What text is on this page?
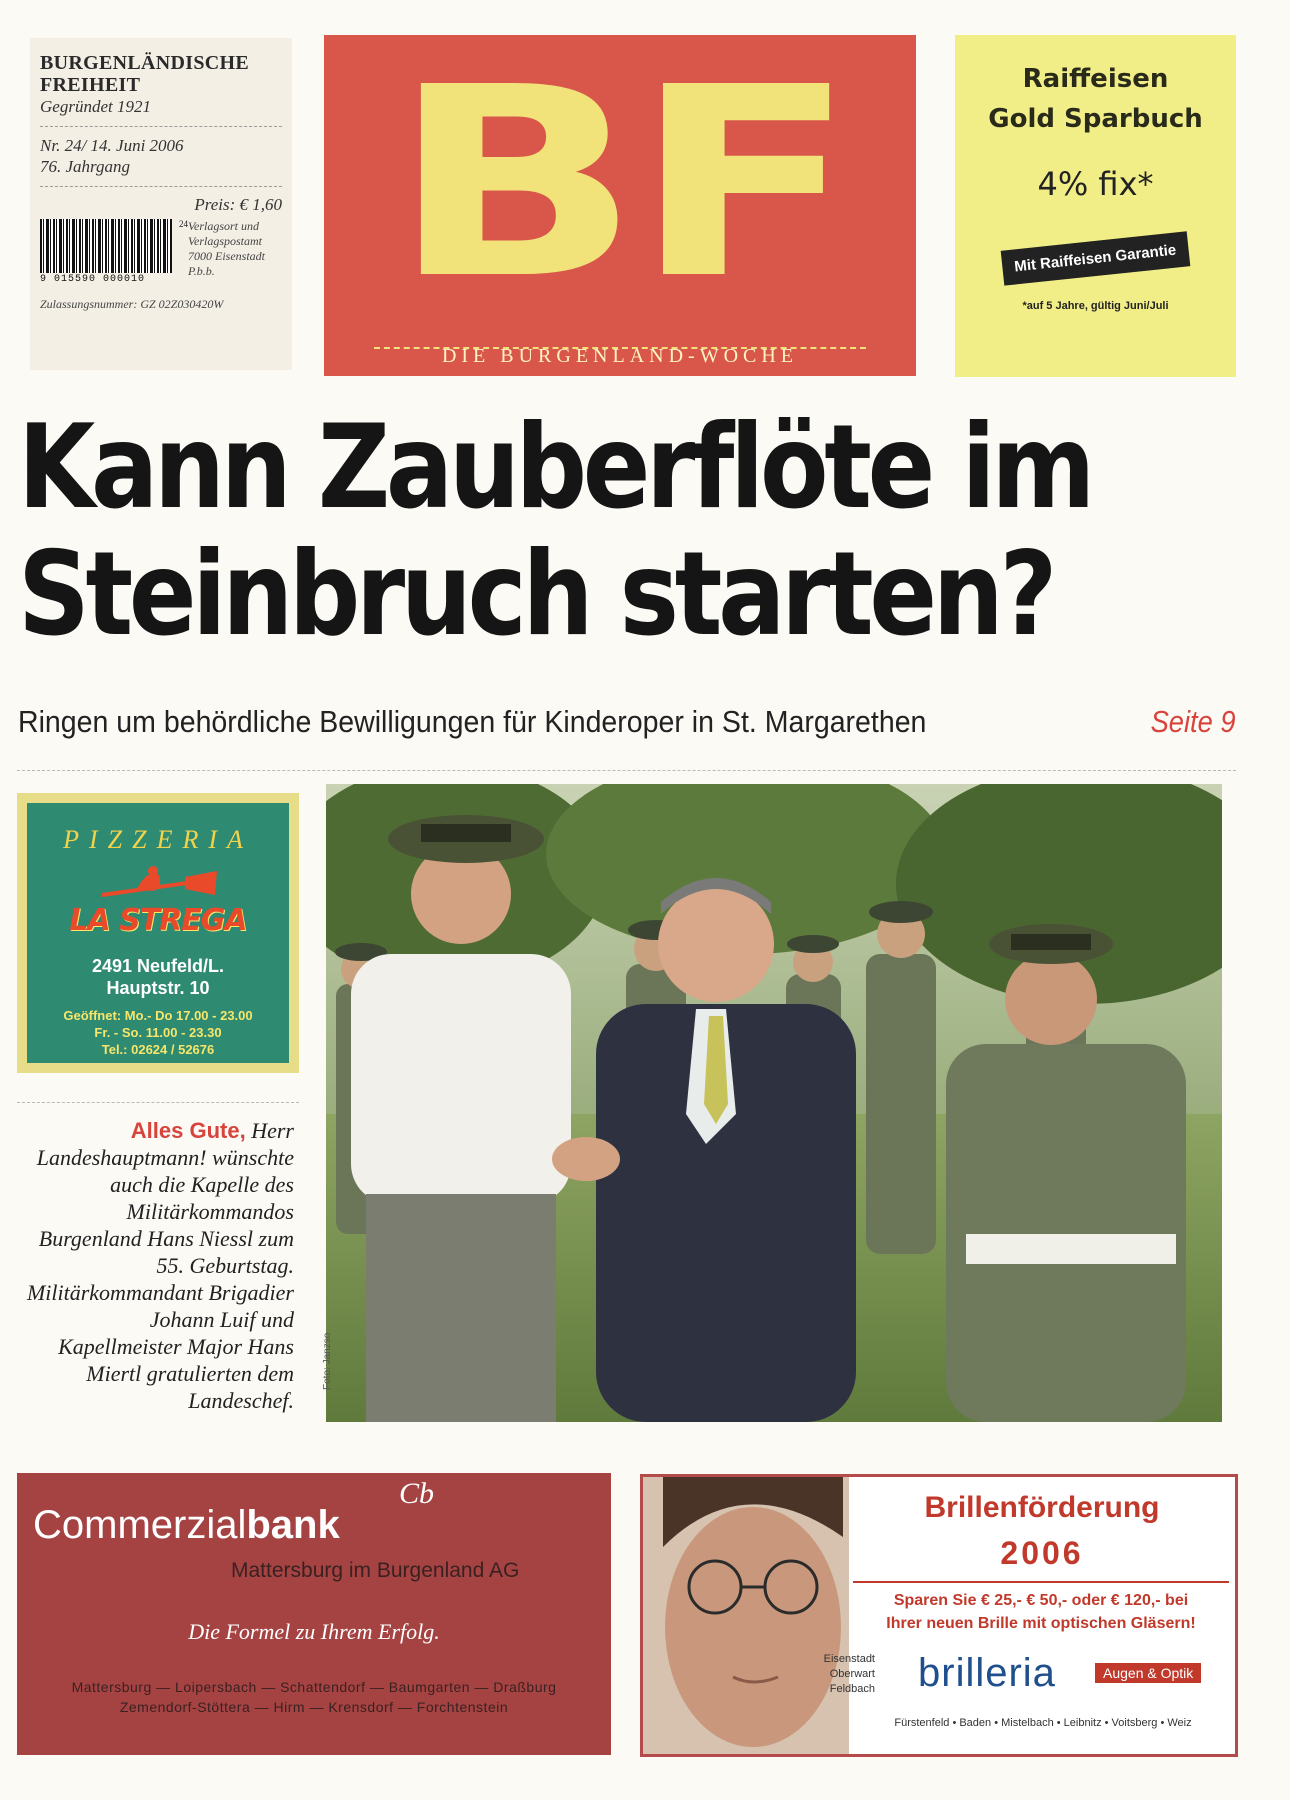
BURGENLÄNDISCHE
FREIHEIT
Gegründet 1921
Nr. 24/ 14. Juni 2006
76. Jahrgang
Preis: € 1,60
9 015590 000010
24 Verlagsort und
Verlagspostamt
7000 Eisenstadt
P.b.b.
Zulassungsnummer: GZ 02Z030420W BF
DIE BURGENLAND-WOCHE
Raiffeisen
Gold Sparbuch
4% fix*
Mit Raiffeisen Garantie
*auf 5 Jahre, gültig Juni/Juli
Kann Zauberflöte im
Steinbruch starten?
Ringen um behördliche Bewilligungen für Kinderoper in St. Margarethen	Seite 9
PIZZERIA
LA STREGA
2491 Neufeld/L.
Hauptstr. 10
Geöffnet: Mo.- Do 17.00 - 23.00
Fr. - So. 11.00 - 23.30
Tel.: 02624 / 52676
Alles Gute, Herr Landeshauptmann! wünschte auch die Kapelle des Militärkommandos Burgenland Hans Niessl zum 55. Geburtstag. Militärkommandant Brigadier Johann Luif und Kapellmeister Major Hans Miertl gratulierten dem Landeschef.
Foto: Janzso
Commerzialbank
Cb
Mattersburg im Burgenland AG
Die Formel zu Ihrem Erfolg.
Mattersburg — Loipersbach — Schattendorf — Baumgarten — Draßburg
Zemendorf-Stöttera — Hirm — Krensdorf — Forchtenstein
Brillenförderung
2006
Sparen Sie € 25,- € 50,- oder € 120,- bei
Ihrer neuen Brille mit optischen Gläsern!
Eisenstadt
Oberwart
Feldbach brilleria	Augen & Optik
Fürstenfeld • Baden • Mistelbach • Leibnitz • Voitsberg • Weiz
